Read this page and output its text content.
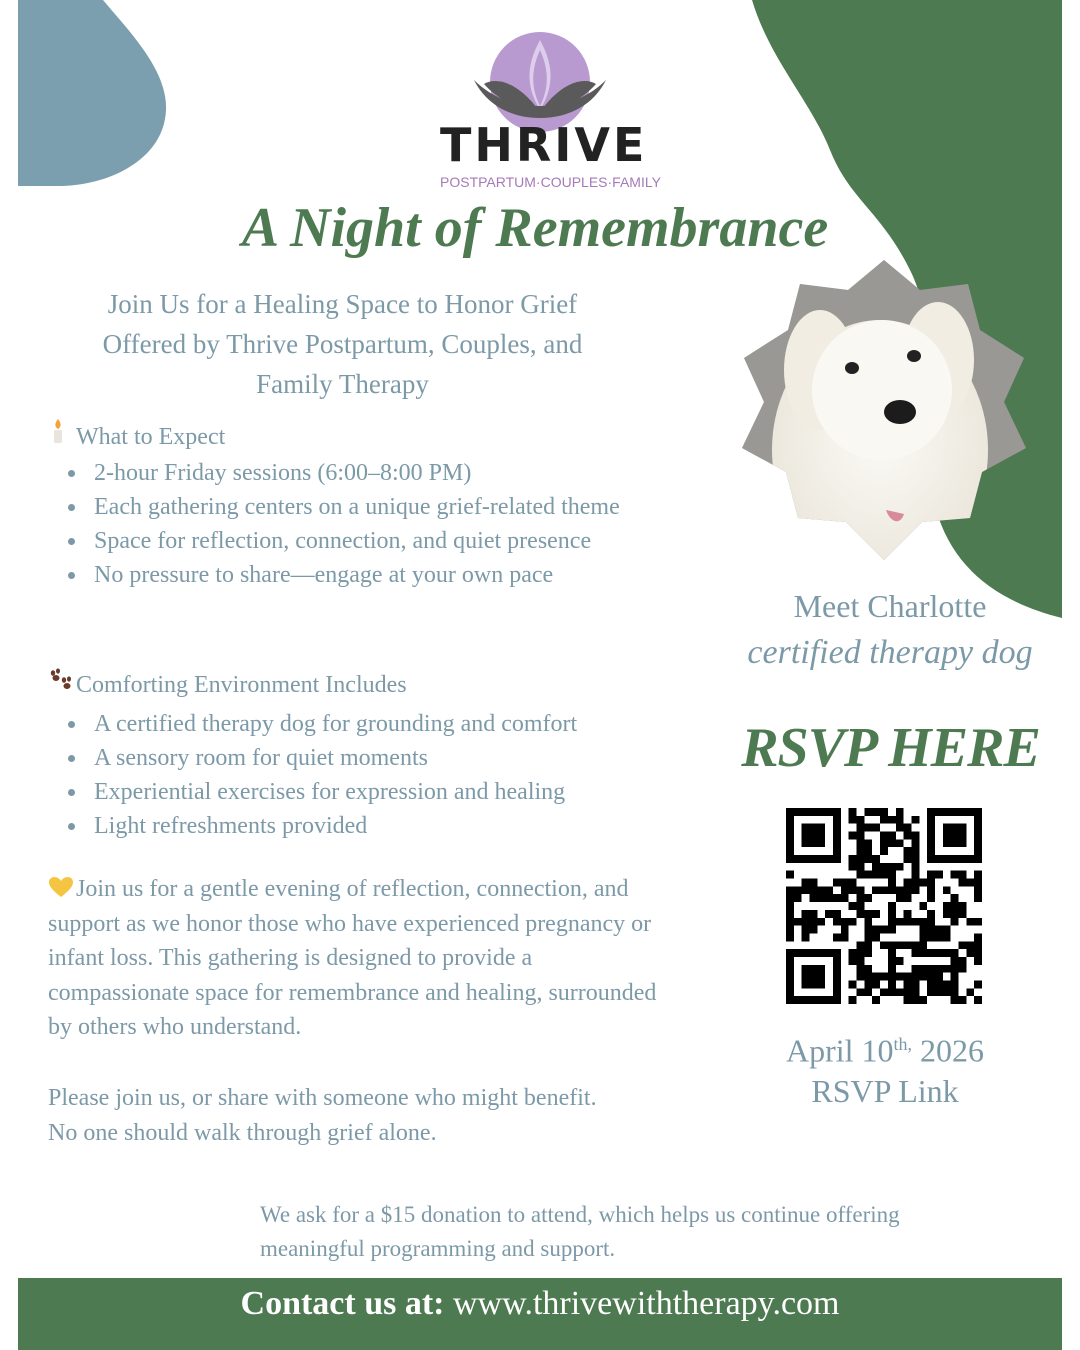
THRIVE
POSTPARTUM·COUPLES·FAMILY
A Night of Remembrance
Join Us for a Healing Space to Honor Grief
Offered by Thrive Postpartum, Couples, and
Family Therapy
What to Expect
2-hour Friday sessions (6:00–8:00 PM)
Each gathering centers on a unique grief-related theme
Space for reflection, connection, and quiet presence
No pressure to share—engage at your own pace
Comforting Environment Includes
A certified therapy dog for grounding and comfort
A sensory room for quiet moments
Experiential exercises for expression and healing
Light refreshments provided
Join us for a gentle evening of reflection, connection, and support as we honor those who have experienced pregnancy or infant loss. This gathering is designed to provide a compassionate space for remembrance and healing, surrounded by others who understand.
Please join us, or share with someone who might benefit. No one should walk through grief alone.
Meet Charlotte
certified therapy dog
RSVP HERE
April $10^{th,}$ 2026
RSVP Link
We ask for a $15 donation to attend, which helps us continue offering meaningful programming and support.
Contact us at: www.thrivewiththerapy.com
